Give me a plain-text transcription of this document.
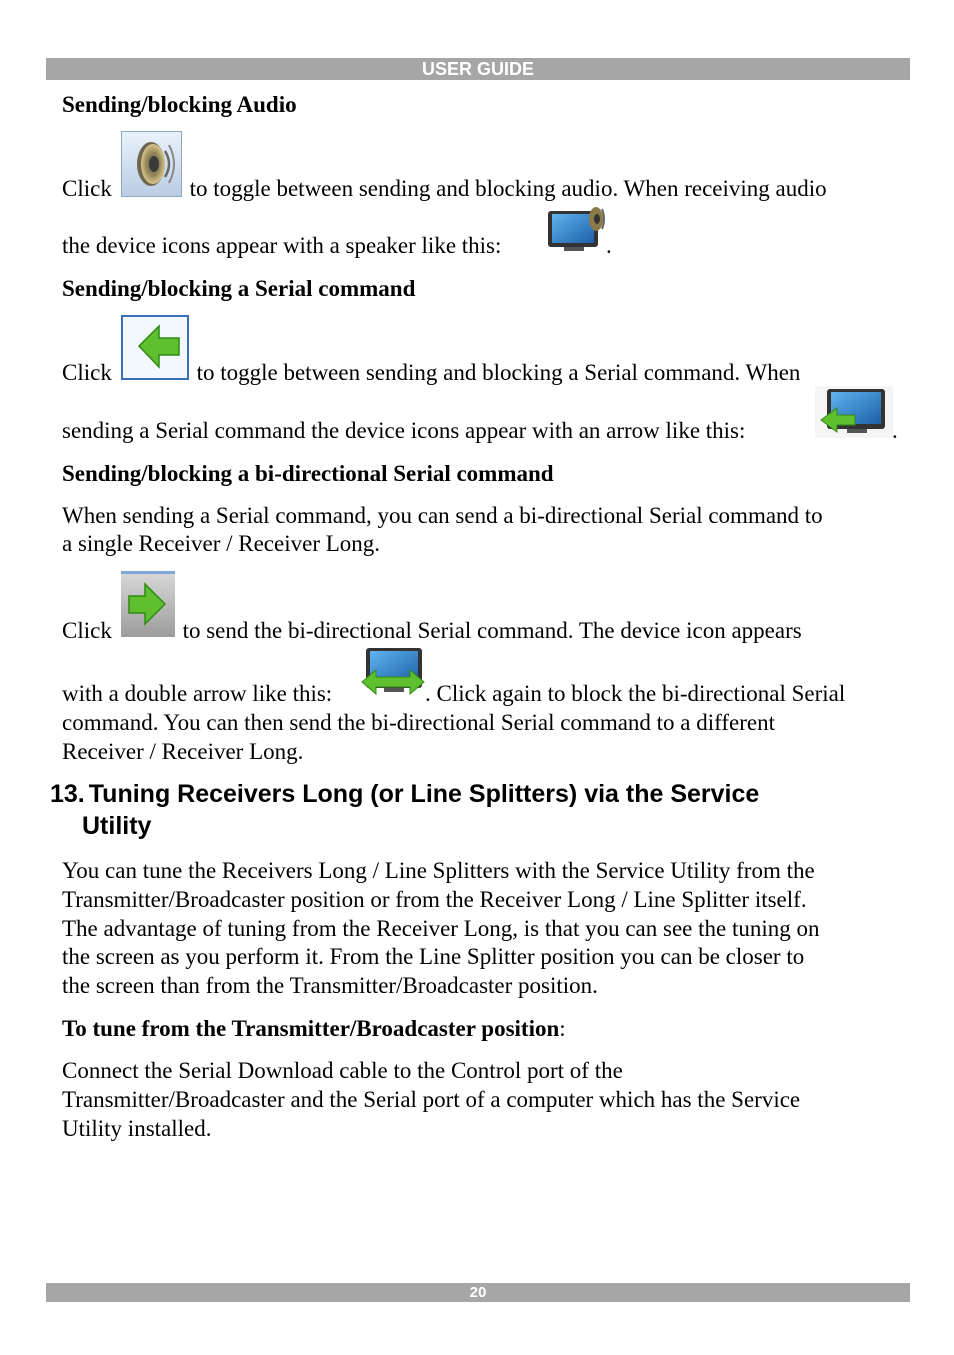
USER GUIDE

Sending/blocking Audio

Click	to toggle between sending and blocking audio. When receiving audio

the device icons appear with a speaker like this:	.

Sending/blocking a Serial command

Click	to toggle between sending and blocking a Serial command. When

sending a Serial command the device icons appear with an arrow like this:	.

Sending/blocking a bi-directional Serial command

When sending a Serial command, you can send a bi-directional Serial command to

a single Receiver / Receiver Long.

Click	to send the bi-directional Serial command. The device icon appears

with a double arrow like this:	. Click again to block the bi-directional Serial

command. You can then send the bi-directional Serial command to a different

Receiver / Receiver Long.

13. Tuning Receivers Long (or Line Splitters) via the Service

Utility

You can tune the Receivers Long / Line Splitters with the Service Utility from the

Transmitter/Broadcaster position or from the Receiver Long / Line Splitter itself.

The advantage of tuning from the Receiver Long, is that you can see the tuning on

the screen as you perform it. From the Line Splitter position you can be closer to

the screen than from the Transmitter/Broadcaster position.

To tune from the Transmitter/Broadcaster position:

Connect the Serial Download cable to the Control port of the

Transmitter/Broadcaster and the Serial port of a computer which has the Service

Utility installed.

20
